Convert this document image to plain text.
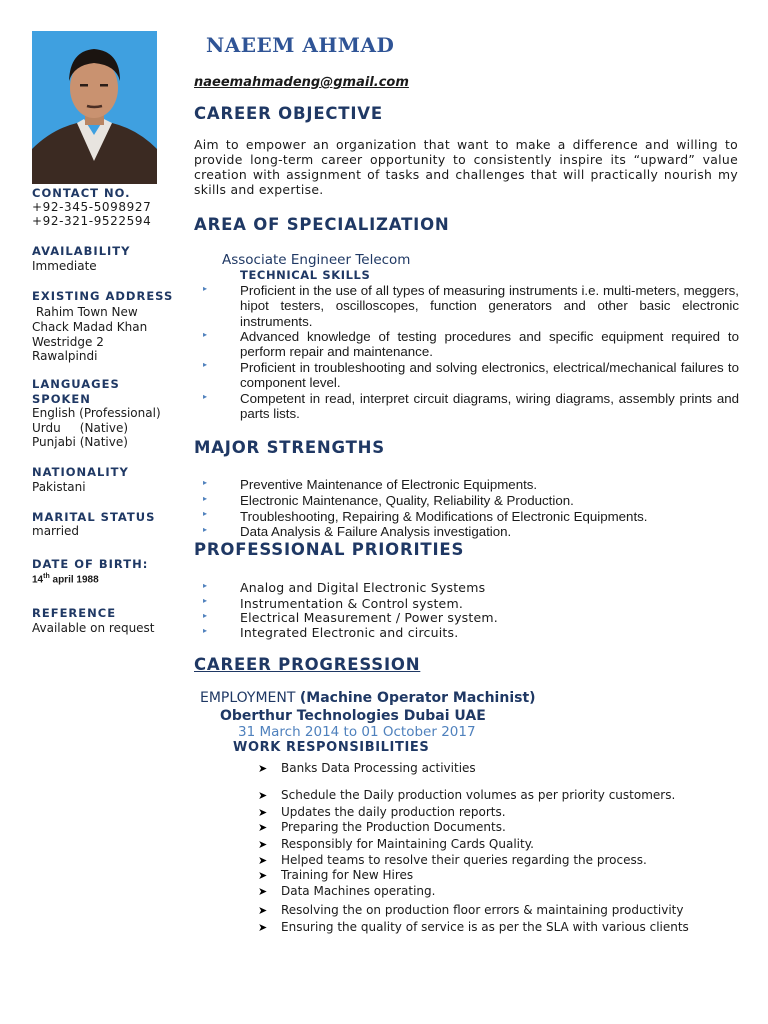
CONTACT NO.
+92-345-5098927
+92-321-9522594
AVAILABILITY
Immediate
EXISTING ADDRESS
Rahim Town New
Chack Madad Khan
Westridge 2
Rawalpindi
LANGUAGES
SPOKEN
English (Professional)
Urdu     (Native)
Punjabi (Native)
NATIONALITY
Pakistani
MARITAL STATUS
married
DATE OF BIRTH:
14th april 1988
REFERENCE
Available on request
NAEEM AHMAD
naeemahmadeng@gmail.com
CAREER OBJECTIVE
Aim to empower an organization that want to make a difference and willing to provide long-term career opportunity to consistently inspire its “upward” value creation with assignment of tasks and challenges that will practically nourish my skills and expertise.
AREA OF SPECIALIZATION
Associate Engineer Telecom
TECHNICAL SKILLS
▸ Proficient in the use of all types of measuring instruments i.e. multi-meters, meggers, hipot testers, oscilloscopes, function generators and other basic electronic instruments.
▸ Advanced knowledge of testing procedures and specific equipment required to perform repair and maintenance.
▸ Proficient in troubleshooting and solving electronics, electrical/mechanical failures to component level.
▸ Competent in read, interpret circuit diagrams, wiring diagrams, assembly prints and parts lists.
MAJOR STRENGTHS
▸ Preventive Maintenance of Electronic Equipments.
▸ Electronic Maintenance, Quality, Reliability & Production.
▸ Troubleshooting, Repairing & Modifications of Electronic Equipments.
▸ Data Analysis & Failure Analysis investigation.
PROFESSIONAL PRIORITIES
▸	Analog and Digital Electronic Systems
▸	Instrumentation & Control system.
▸	Electrical Measurement / Power system.
▸	Integrated Electronic and circuits.
CAREER PROGRESSION
EMPLOYMENT (Machine Operator Machinist)
Oberthur Technologies Dubai UAE
31 March 2014 to 01 October 2017
WORK RESPONSIBILITIES
➤ Banks Data Processing activities
➤ Schedule the Daily production volumes as per priority customers.
➤ Updates the daily production reports.
➤ Preparing the Production Documents.
➤ Responsibly for Maintaining Cards Quality.
➤ Helped teams to resolve their queries regarding the process.
➤ Training for New Hires
➤ Data Machines operating.
➤ Resolving the on production floor errors & maintaining productivity
➤ Ensuring the quality of service is as per the SLA with various clients
